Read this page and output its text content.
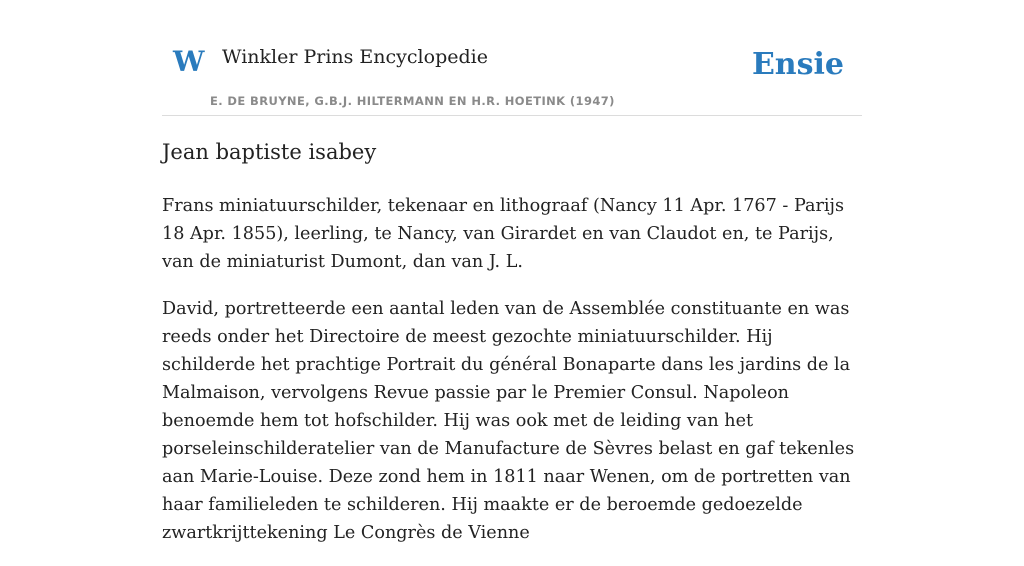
W Winkler Prins Encyclopedie
E. DE BRUYNE, G.B.J. HILTERMANN EN H.R. HOETINK (1947)
Ensie
Jean baptiste isabey

Frans miniatuurschilder, tekenaar en lithograaf (Nancy 11 Apr. 1767 - Parijs 18 Apr. 1855), leerling, te Nancy, van Girardet en van Claudot en, te Parijs, van de miniaturist Dumont, dan van J. L.

David, portretteerde een aantal leden van de Assemblée constituante en was reeds onder het Directoire de meest gezochte miniatuurschilder. Hij schilderde het prachtige Portrait du général Bonaparte dans les jardins de la Malmaison, vervolgens Revue passie par le Premier Consul. Napoleon benoemde hem tot hofschilder. Hij was ook met de leiding van het porseleinschilderatelier van de Manufacture de Sèvres belast en gaf tekenles aan Marie-Louise. Deze zond hem in 1811 naar Wenen, om de portretten van haar familieleden te schilderen. Hij maakte er de beroemde gedoezelde zwartkrijttekening Le Congrès de Vienne
